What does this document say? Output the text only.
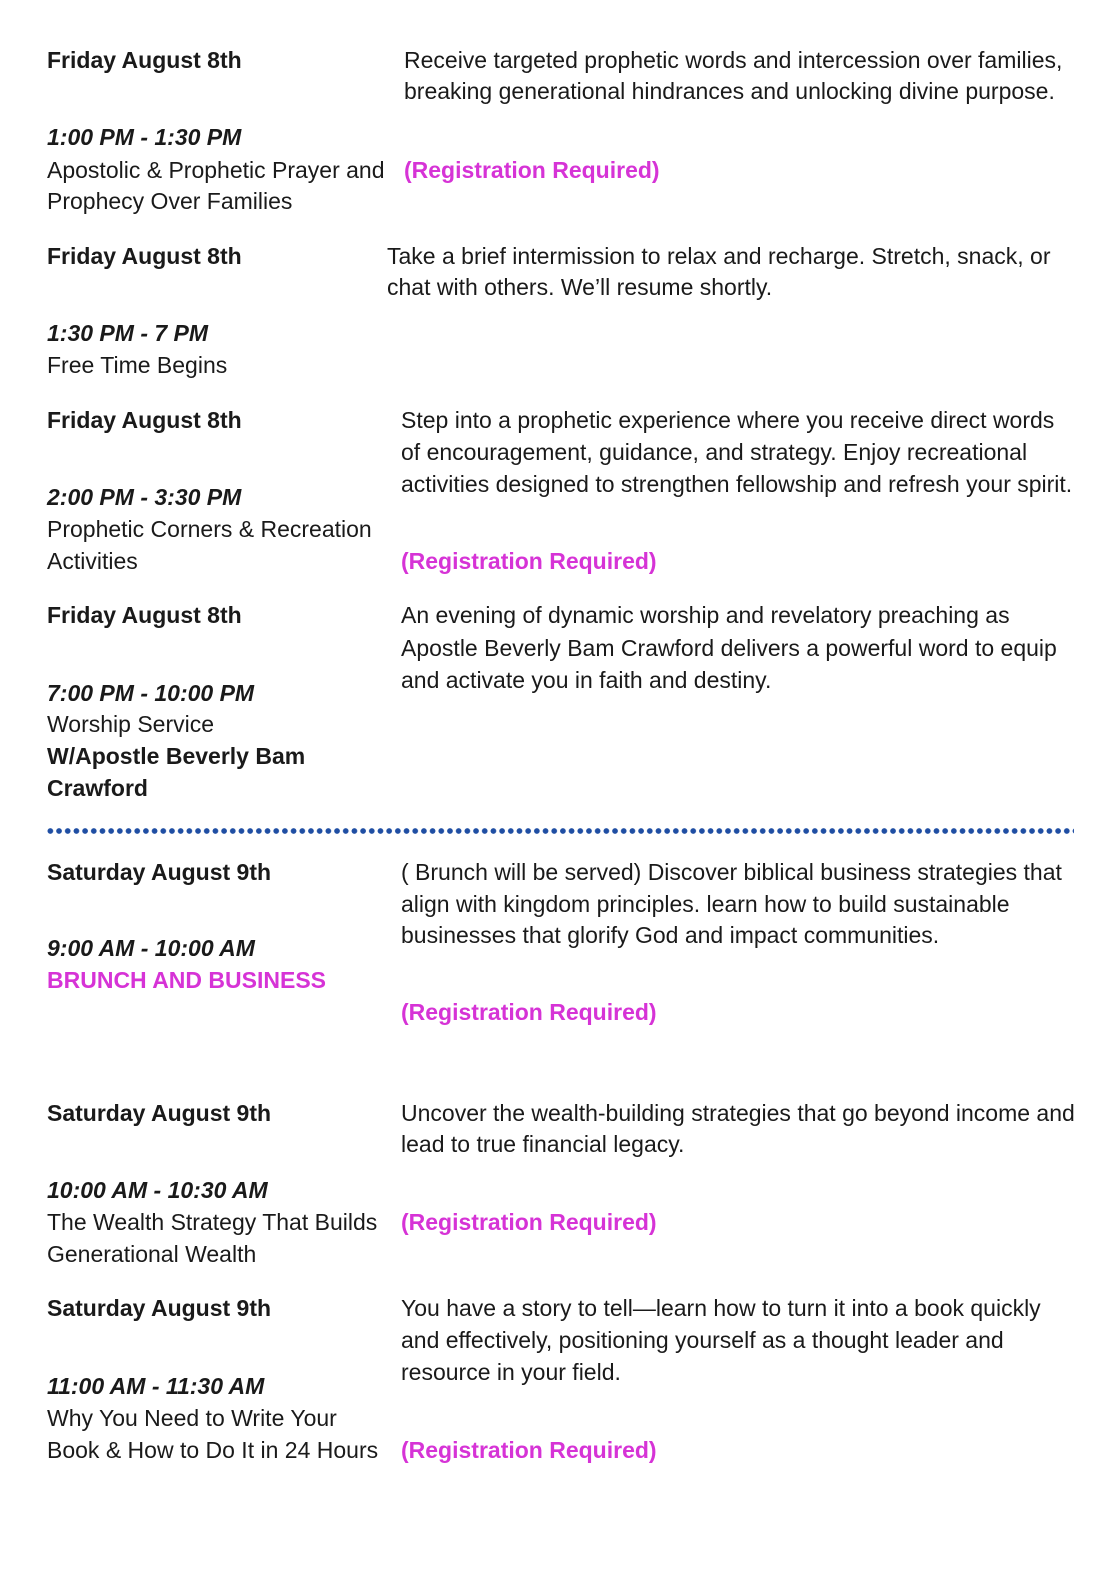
Friday August 8th

1:00 PM - 1:30 PM

Apostolic & Prophetic Prayer and

Prophecy Over Families

Receive targeted prophetic words and intercession over families,

breaking generational hindrances and unlocking divine purpose.

(Registration Required)

Friday August 8th

1:30 PM - 7 PM

Free Time Begins

Take a brief intermission to relax and recharge. Stretch, snack, or

chat with others. We’ll resume shortly.

Friday August 8th

2:00 PM - 3:30 PM

Prophetic Corners & Recreation

Activities

Step into a prophetic experience where you receive direct words

of encouragement, guidance, and strategy. Enjoy recreational

activities designed to strengthen fellowship and refresh your spirit.

(Registration Required)

Friday August 8th

7:00 PM - 10:00 PM

Worship Service

W/Apostle Beverly Bam

Crawford

An evening of dynamic worship and revelatory preaching as

Apostle Beverly Bam Crawford delivers a powerful word to equip

and activate you in faith and destiny.

Saturday August 9th

9:00 AM - 10:00 AM

BRUNCH AND BUSINESS

( Brunch will be served) Discover biblical business strategies that

align with kingdom principles. learn how to build sustainable

businesses that glorify God and impact communities.

(Registration Required)

Saturday August 9th

10:00 AM - 10:30 AM

The Wealth Strategy That Builds

Generational Wealth

Uncover the wealth-building strategies that go beyond income and

lead to true financial legacy.

(Registration Required)

Saturday August 9th

11:00 AM - 11:30 AM

Why You Need to Write Your

Book & How to Do It in 24 Hours

You have a story to tell—learn how to turn it into a book quickly

and effectively, positioning yourself as a thought leader and

resource in your field.

(Registration Required)
